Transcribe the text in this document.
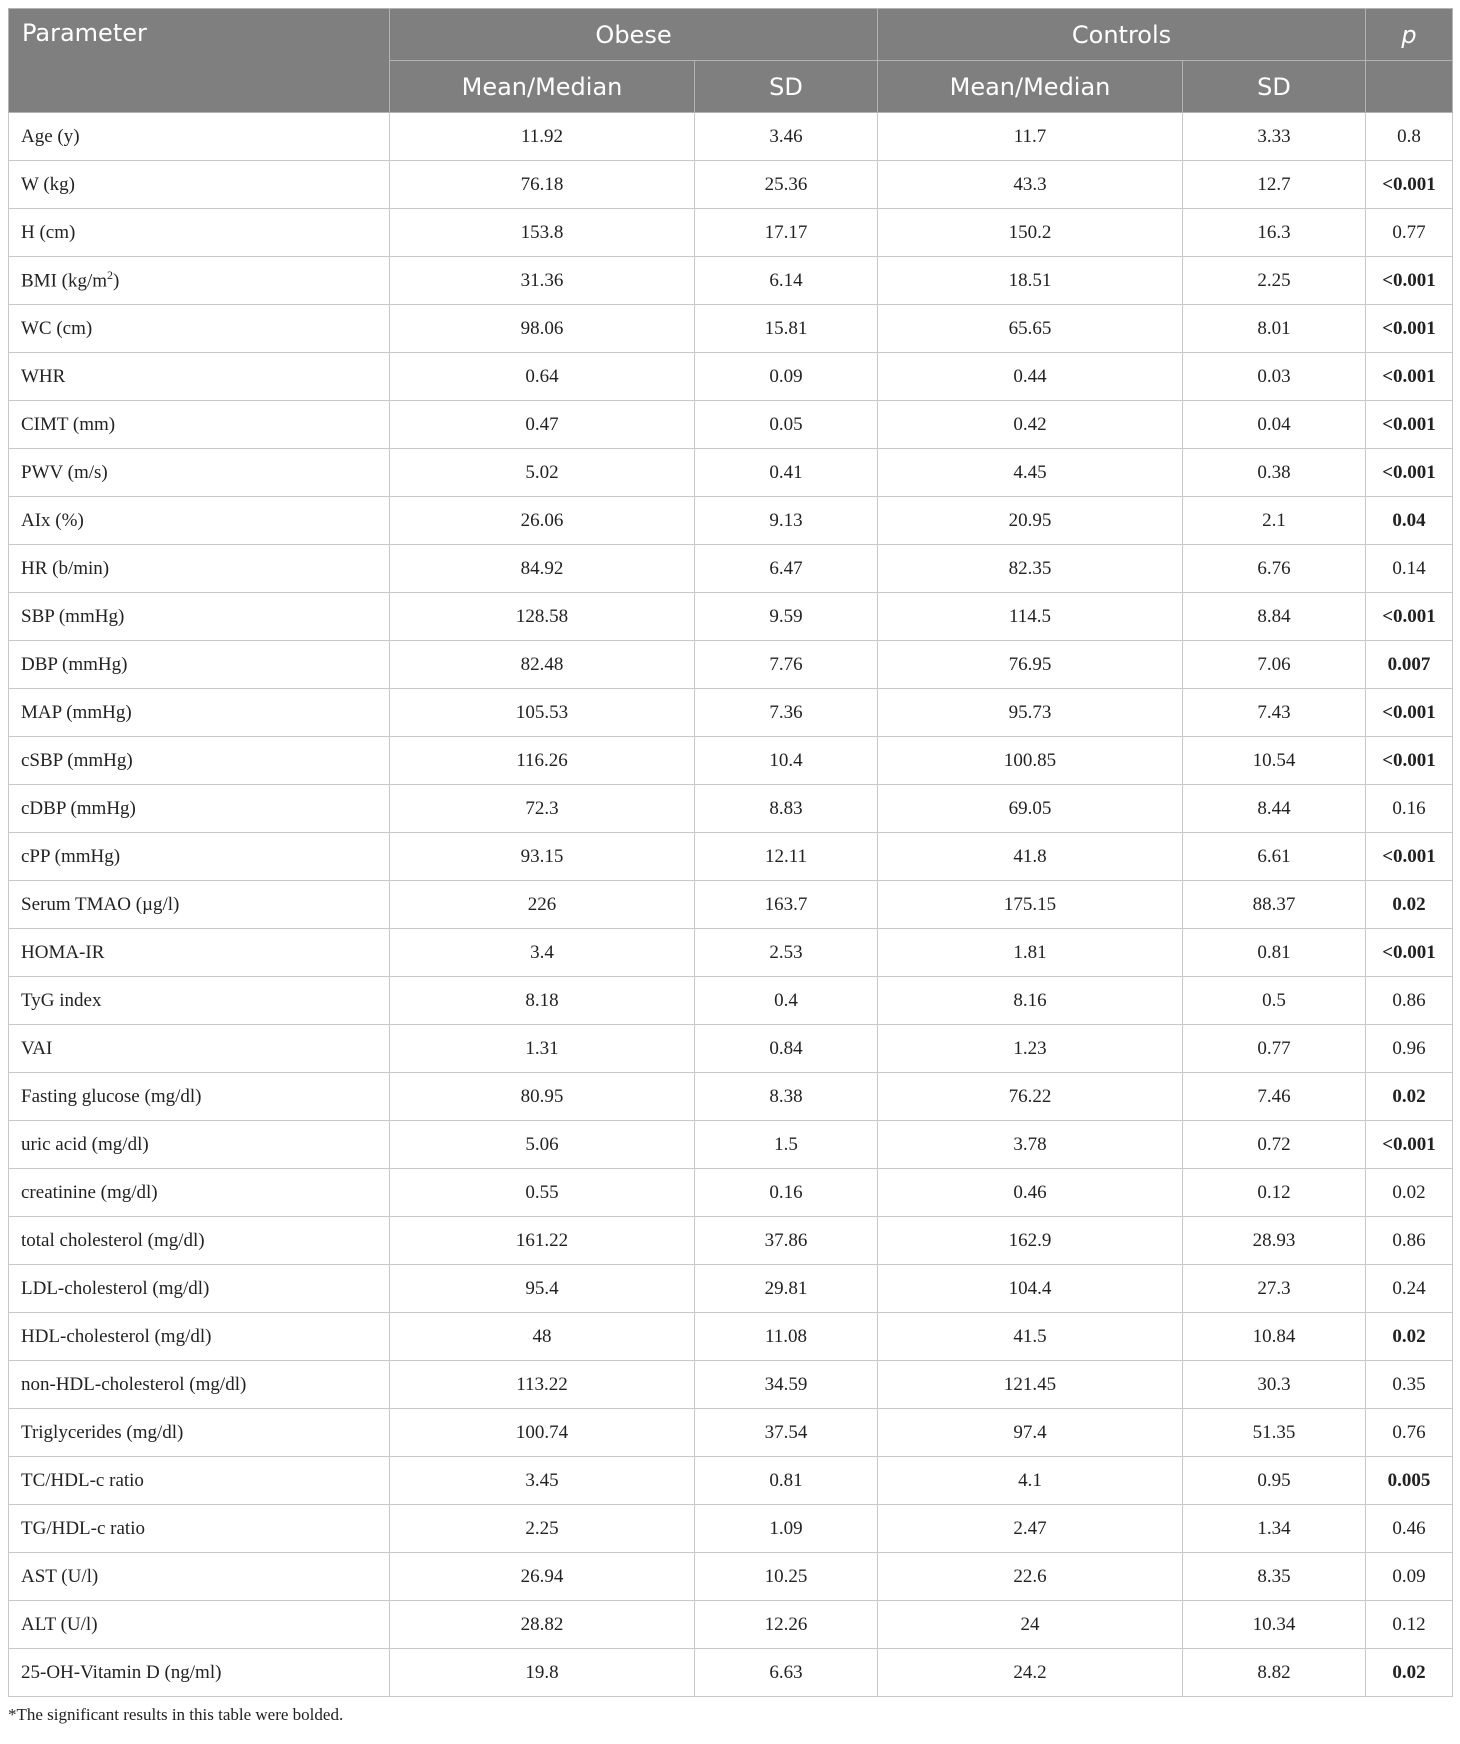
Parameter	Obese		Controls		p
	Mean/Median	SD	Mean/Median	SD	
Age (y)	11.92	3.46	11.7	3.33	0.8
W (kg)	76.18	25.36	43.3	12.7	<0.001
H (cm)	153.8	17.17	150.2	16.3	0.77
BMI $(kg/m^2)$	31.36	6.14	18.51	2.25	<0.001
WC (cm)	98.06	15.81	65.65	8.01	<0.001
WHR	0.64	0.09	0.44	0.03	<0.001
CIMT (mm)	0.47	0.05	0.42	0.04	<0.001
PWV (m/s)	5.02	0.41	4.45	0.38	<0.001
AIx (%)	26.06	9.13	20.95	2.1	0.04
HR (b/min)	84.92	6.47	82.35	6.76	0.14
SBP (mmHg)	128.58	9.59	114.5	8.84	<0.001
DBP (mmHg)	82.48	7.76	76.95	7.06	0.007
MAP (mmHg)	105.53	7.36	95.73	7.43	<0.001
cSBP (mmHg)	116.26	10.4	100.85	10.54	<0.001
cDBP (mmHg)	72.3	8.83	69.05	8.44	0.16
cPP (mmHg)	93.15	12.11	41.8	6.61	<0.001
Serum TMAO (µg/l)	226	163.7	175.15	88.37	0.02
HOMA-IR	3.4	2.53	1.81	0.81	<0.001
TyG index	8.18	0.4	8.16	0.5	0.86
VAI	1.31	0.84	1.23	0.77	0.96
Fasting glucose (mg/dl)	80.95	8.38	76.22	7.46	0.02
uric acid (mg/dl)	5.06	1.5	3.78	0.72	<0.001
creatinine (mg/dl)	0.55	0.16	0.46	0.12	0.02
total cholesterol (mg/dl)	161.22	37.86	162.9	28.93	0.86
LDL-cholesterol (mg/dl)	95.4	29.81	104.4	27.3	0.24
HDL-cholesterol (mg/dl)	48	11.08	41.5	10.84	0.02
non-HDL-cholesterol (mg/dl)	113.22	34.59	121.45	30.3	0.35
Triglycerides (mg/dl)	100.74	37.54	97.4	51.35	0.76
TC/HDL-c ratio	3.45	0.81	4.1	0.95	0.005
TG/HDL-c ratio	2.25	1.09	2.47	1.34	0.46
AST (U/l)	26.94	10.25	22.6	8.35	0.09
ALT (U/l)	28.82	12.26	24	10.34	0.12
25-OH-Vitamin D (ng/ml)	19.8	6.63	24.2	8.82	0.02
*The significant results in this table were bolded.
